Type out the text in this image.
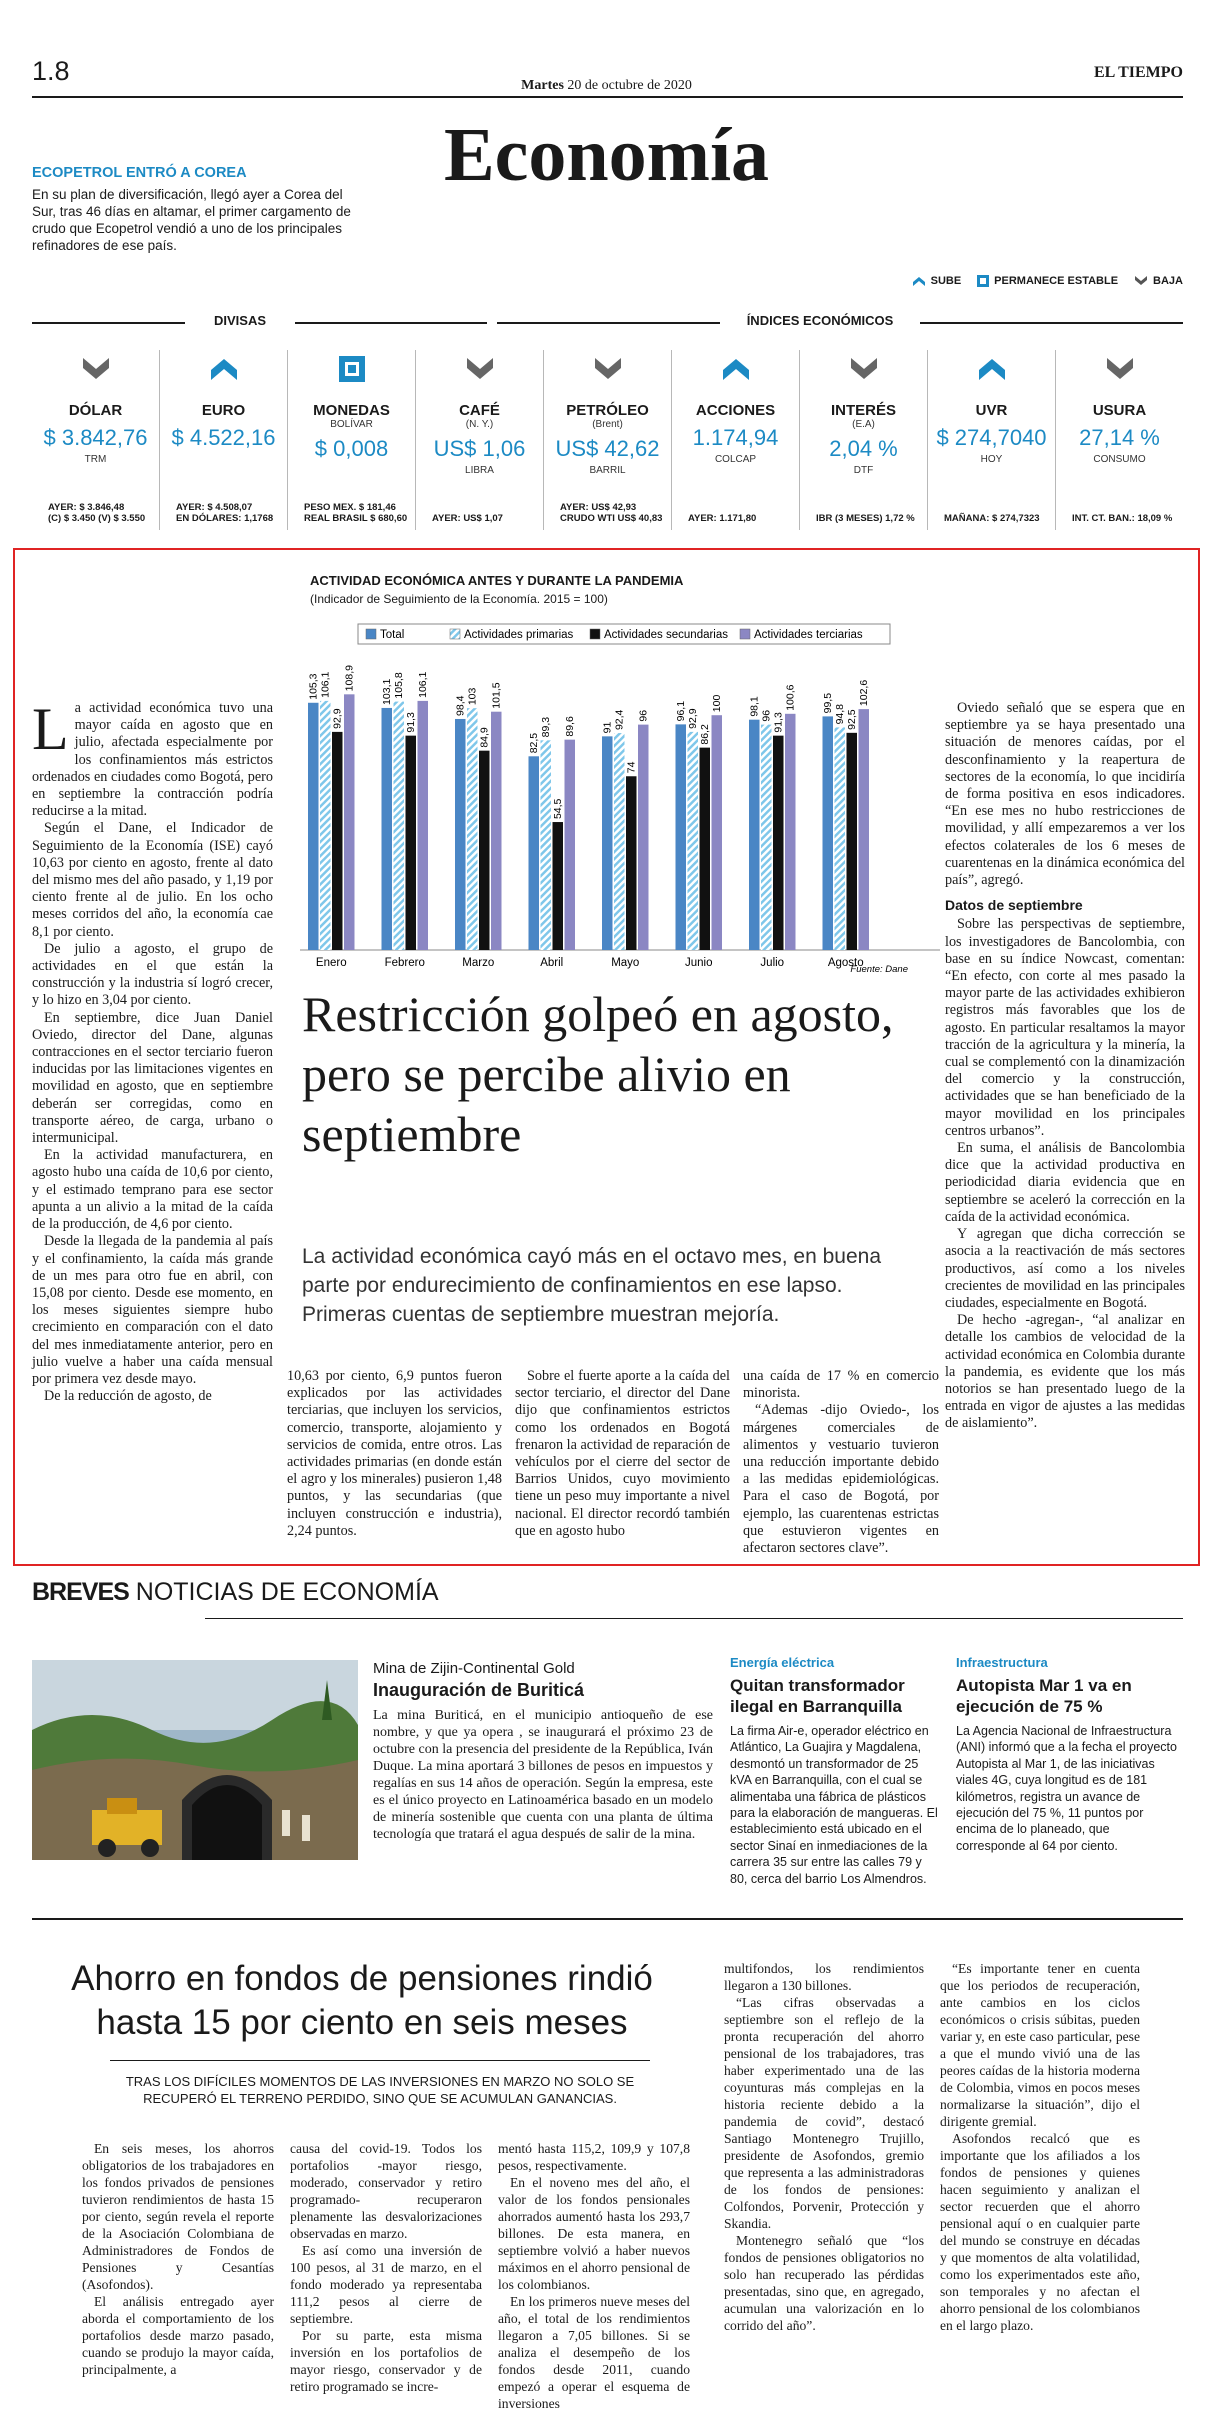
1.8	Martes 20 de octubre de 2020
EL TIEMPO
Economía
ECOPETROL ENTRÓ A COREA
En su plan de diversificación, llegó ayer a Corea del Sur, tras 46 días en altamar, el primer cargamento de crudo que Ecopetrol vendió a uno de los principales refinadores de ese país.
SUBE	PERMANECE ESTABLE	BAJA
DIVISAS	ÍNDICES ECONÓMICOS
DÓLAR
$ 3.842,76
TRM
AYER: $ 3.846,48
(C) $ 3.450 (V) $ 3.550
EURO
$ 4.522,16
AYER: $ 4.508,07
EN DÓLARES: 1,1768
MONEDAS
BOLÍVAR
$ 0,008
PESO MEX. $ 181,46
REAL BRASIL $ 680,60
CAFÉ
(N. Y.)
US$ 1,06
LIBRA
AYER: US$ 1,07
PETRÓLEO
(Brent)
US$ 42,62
BARRIL
AYER: US$ 42,93
CRUDO WTI US$ 40,83
ACCIONES
1.174,94
COLCAP
AYER: 1.171,80
INTERÉS
(E.A)
2,04 %
DTF
IBR (3 MESES) 1,72 %
UVR
$ 274,7040
HOY
MAÑANA: $ 274,7323
USURA
27,14 %
CONSUMO
INT. CT. BAN.: 18,09 %
ACTIVIDAD ECONÓMICA ANTES Y DURANTE LA PANDEMIA
(Indicador de Seguimiento de la Economía. 2015 = 100)
Total	Actividades primarias	Actividades secundarias Actividades terciarias
105,3 106,1
92,9
108,9
Enero
103,1 105,8
91,3
106,1
Febrero
98,4 103
84,9
101,5
Marzo
82,5
89,3
54,5
89,6
Abril
91 92,4
74
96
Mayo
96,1 92,9
86,2
100
Junio
98,1 96 91,3
100,6
Julio
99,5
94,8 92,5
102,6
Agosto
Fuente: Dane
L a actividad económica tuvo una mayor caída en agosto que en julio, afectada especialmente por los confinamientos más estrictos ordenados en ciudades como Bogotá, pero en septiembre la contracción podría reducirse a la mitad.

Según el Dane, el Indicador de Seguimiento de la Economía (ISE) cayó 10,63 por ciento en agosto, frente al dato del mismo mes del año pasado, y 1,19 por ciento frente al de julio. En los ocho meses corridos del año, la economía cae 8,1 por ciento.

De julio a agosto, el grupo de actividades en el que están la construcción y la industria sí logró crecer, y lo hizo en 3,04 por ciento.

En septiembre, dice Juan Daniel Oviedo, director del Dane, algunas contracciones en el sector terciario fueron inducidas por las limitaciones vigentes en movilidad en agosto, que en septiembre deberán ser corregidas, como en transporte aéreo, de carga, urbano o intermunicipal.

En la actividad manufacturera, en agosto hubo una caída de 10,6 por ciento, y el estimado temprano para ese sector apunta a un alivio a la mitad de la caída de la producción, de 4,6 por ciento.

Desde la llegada de la pandemia al país y el confinamiento, la caída más grande de un mes para otro fue en abril, con 15,08 por ciento. Desde ese momento, en los meses siguientes siempre hubo crecimiento en comparación con el dato del mes inmediatamente anterior, pero en julio vuelve a haber una caída mensual por primera vez desde mayo.

De la reducción de agosto, de

Restricción golpeó en agosto, pero se percibe alivio en septiembre
La actividad económica cayó más en el octavo mes, en buena parte por endurecimiento de confinamientos en ese lapso. Primeras cuentas de septiembre muestran mejoría.

10,63 por ciento, 6,9 puntos fueron explicados por las actividades terciarias, que incluyen los servicios, comercio, transporte, alojamiento y servicios de comida, entre otros. Las actividades primarias (en donde están el agro y los minerales) pusieron 1,48 puntos, y las secundarias (que incluyen construcción e industria), 2,24 puntos.

Sobre el fuerte aporte a la caída del sector terciario, el director del Dane dijo que confinamientos estrictos como los ordenados en Bogotá frenaron la actividad de reparación de vehículos por el cierre del sector de Barrios Unidos, cuyo movimiento tiene un peso muy importante a nivel nacional. El director recordó también que en agosto hubo

una caída de 17 % en comercio minorista.

“Ademas -dijo Oviedo-, los márgenes comerciales de alimentos y vestuario tuvieron una reducción importante debido a las medidas epidemiológicas. Para el caso de Bogotá, por ejemplo, las cuarentenas estrictas que estuvieron vigentes en afectaron sectores clave”.

Oviedo señaló que se espera que en septiembre ya se haya presentado una situación de menores caídas, por el desconfinamiento y la reapertura de sectores de la economía, lo que incidiría de forma positiva en esos indicadores. “En ese mes no hubo restricciones de movilidad, y allí empezaremos a ver los efectos colaterales de los 6 meses de cuarentenas en la dinámica económica del país”, agregó.

Datos de septiembre

Sobre las perspectivas de septiembre, los investigadores de Bancolombia, con base en su índice Nowcast, comentan: “En efecto, con corte al mes pasado la mayor parte de las actividades exhibieron registros más favorables que los de agosto. En particular resaltamos la mayor tracción de la agricultura y la minería, la cual se complementó con la dinamización del comercio y la construcción, actividades que se han beneficiado de la mayor movilidad en los principales centros urbanos”.

En suma, el análisis de Bancolombia dice que la actividad productiva en periodicidad diaria evidencia que en septiembre se aceleró la corrección en la caída de la actividad económica.

Y agregan que dicha corrección se asocia a la reactivación de más sectores productivos, así como a los niveles crecientes de movilidad en las principales ciudades, especialmente en Bogotá.

De hecho -agregan-, “al analizar en detalle los cambios de velocidad de la actividad económica en Colombia durante la pandemia, es evidente que los más notorios se han presentado luego de la entrada en vigor de ajustes a las medidas de aislamiento”.

BREVES NOTICIAS DE ECONOMÍA
Mina de Zijin-Continental Gold
Inauguración de Buriticá
La mina Buriticá, en el municipio antioqueño de ese nombre, y que ya opera , se inaugurará el próximo 23 de octubre con la presencia del presidente de la República, Iván Duque. La mina aportará 3 billones de pesos en impuestos y regalías en sus 14 años de operación. Según la empresa, este es el único proyecto en Latinoamérica basado en un modelo de minería sostenible que cuenta con una planta de última tecnología que tratará el agua después de salir de la mina.
Energía eléctrica
Quitan transformador ilegal en Barranquilla
La firma Air-e, operador eléctrico en Atlántico, La Guajira y Magdalena, desmontó un transformador de 25 kVA en Barranquilla, con el cual se alimentaba una fábrica de plásticos para la elaboración de mangueras. El establecimiento está ubicado en el sector Sinaí en inmediaciones de la carrera 35 sur entre las calles 79 y 80, cerca del barrio Los Almendros.
Infraestructura
Autopista Mar 1 va en ejecución de 75 %
La Agencia Nacional de Infraestructura (ANI) informó que a la fecha el proyecto Autopista al Mar 1, de las iniciativas viales 4G, cuya longitud es de 181 kilómetros, registra un avance de ejecución del 75 %, 11 puntos por encima de lo planeado, que corresponde al 64 por ciento.
Ahorro en fondos de pensiones rindió hasta 15 por ciento en seis meses
TRAS LOS DIFÍCILES MOMENTOS DE LAS INVERSIONES EN MARZO NO SOLO SE RECUPERÓ EL TERRENO PERDIDO, SINO QUE SE ACUMULAN GANANCIAS.

En seis meses, los ahorros obligatorios de los trabajadores en los fondos privados de pensiones tuvieron rendimientos de hasta 15 por ciento, según revela el reporte de la Asociación Colombiana de Administradores de Fondos de Pensiones y Cesantías (Asofondos).

El análisis entregado ayer aborda el comportamiento de los portafolios desde marzo pasado, cuando se produjo la mayor caída, principalmente, a

causa del covid-19. Todos los portafolios -mayor riesgo, moderado, conservador y retiro programado- recuperaron plenamente las desvalorizaciones observadas en marzo.

Es así como una inversión de 100 pesos, al 31 de marzo, en el fondo moderado ya representaba 111,2 pesos al cierre de septiembre.

Por su parte, esta misma inversión en los portafolios de mayor riesgo, conservador y de retiro programado se incre-

mentó hasta 115,2, 109,9 y 107,8 pesos, respectivamente.

En el noveno mes del año, el valor de los fondos pensionales ahorrados aumentó hasta los 293,7 billones. De esta manera, en septiembre volvió a haber nuevos máximos en el ahorro pensional de los colombianos.

En los primeros nueve meses del año, el total de los rendimientos llegaron a 7,05 billones. Si se analiza el desempeño de los fondos desde 2011, cuando empezó a operar el esquema de inversiones

multifondos, los rendimientos llegaron a 130 billones.

“Las cifras observadas a septiembre son el reflejo de la pronta recuperación del ahorro pensional de los trabajadores, tras haber experimentado una de las coyunturas más complejas en la historia reciente debido a la pandemia de covid”, destacó Santiago Montenegro Trujillo, presidente de Asofondos, gremio que representa a las administradoras de los fondos de pensiones: Colfondos, Porvenir, Protección y Skandia.

Montenegro señaló que “los fondos de pensiones obligatorios no solo han recuperado las pérdidas presentadas, sino que, en agregado, acumulan una valorización en lo corrido del año”.

“Es importante tener en cuenta que los periodos de recuperación, ante cambios en los ciclos económicos o crisis súbitas, pueden variar y, en este caso particular, pese a que el mundo vivió una de las peores caídas de la historia moderna de Colombia, vimos en pocos meses normalizarse la situación”, dijo el dirigente gremial.

Asofondos recalcó que es importante que los afiliados a los fondos de pensiones y quienes hacen seguimiento y analizan el sector recuerden que el ahorro pensional aquí o en cualquier parte del mundo se construye en décadas y que momentos de alta volatilidad, como los experimentados este año, son temporales y no afectan el ahorro pensional de los colombianos en el largo plazo.
